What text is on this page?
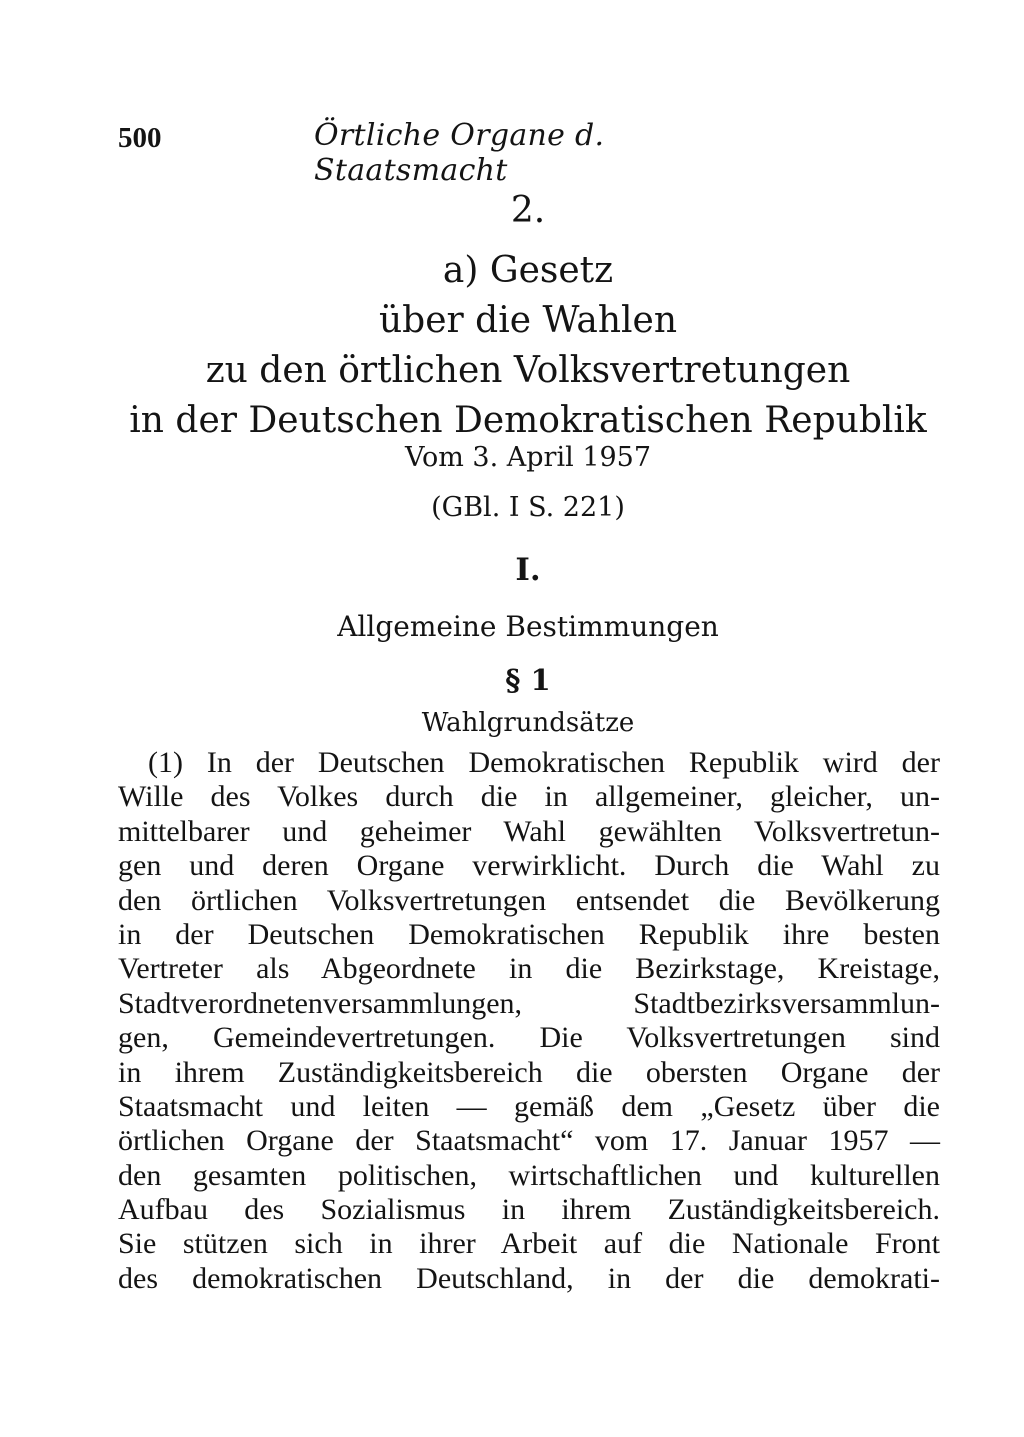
500	Örtliche Organe d. Staatsmacht
2.
a) Gesetz
über die Wahlen
zu den örtlichen Volksvertretungen
in der Deutschen Demokratischen Republik
Vom 3. April 1957
(GBl. I S. 221)
I.
Allgemeine Bestimmungen
§ 1
Wahlgrundsätze
(1) In der Deutschen Demokratischen Republik wird der
Wille des Volkes durch die in allgemeiner, gleicher, un-
mittelbarer und geheimer Wahl gewählten Volksvertretun-
gen und deren Organe verwirklicht. Durch die Wahl zu
den örtlichen Volksvertretungen entsendet die Bevölkerung
in der Deutschen Demokratischen Republik ihre besten
Vertreter als Abgeordnete in die Bezirkstage, Kreistage,
Stadtverordnetenversammlungen, Stadtbezirksversammlun-
gen, Gemeindevertretungen. Die Volksvertretungen sind
in ihrem Zuständigkeitsbereich die obersten Organe der
Staatsmacht und leiten — gemäß dem „Gesetz über die
örtlichen Organe der Staatsmacht“ vom 17. Januar 1957 —
den gesamten politischen, wirtschaftlichen und kulturellen
Aufbau des Sozialismus in ihrem Zuständigkeitsbereich.
Sie stützen sich in ihrer Arbeit auf die Nationale Front
des demokratischen Deutschland, in der die demokrati-
